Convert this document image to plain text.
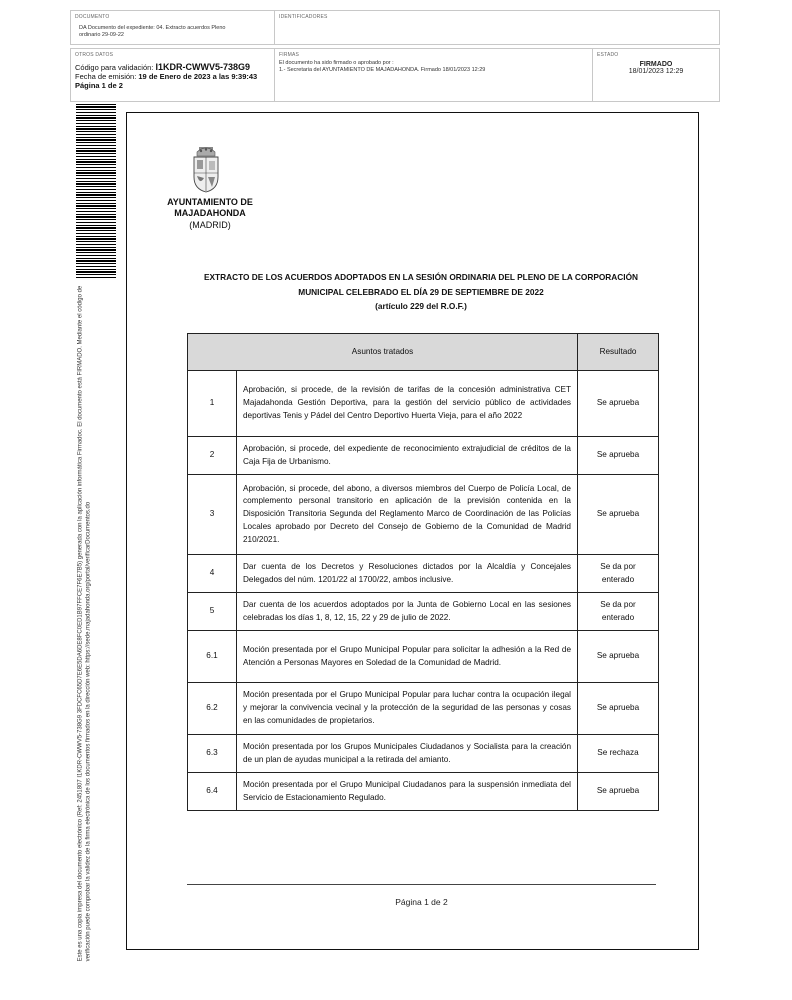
DOCUMENTO
DA Documento del expediente: 04. Extracto acuerdos Pleno ordinario 29-09-22
IDENTIFICADORES
OTROS DATOS
Código para validación: I1KDR-CWWV5-738G9
Fecha de emisión: 19 de Enero de 2023 a las 9:39:43
Página 1 de 2
FIRMAS
El documento ha sido firmado o aprobado por :
1.- Secretaria del AYUNTAMIENTO DE MAJADAHONDA. Firmado 18/01/2023 12:29
ESTADO
FIRMADO
18/01/2023 12:29
Este es una copia impresa del documento electrónico (Ref: 2451807 I1KDR-CWWV5-738G9 3FDCFC65D7E6E5DA6DE8FC0ED1B97FFCE7F6E7B5) generada con la aplicación informática Firmadoc. El documento está FIRMADO. Mediante el código de verificación puede comprobar la validez de la firma electrónica de los documentos firmados en la dirección web: https://sede.majadahonda.org/portal/verificarDocumentos.do
AYUNTAMIENTO DE
MAJADAHONDA
(MADRID)
EXTRACTO DE LOS ACUERDOS ADOPTADOS EN LA SESIÓN ORDINARIA DEL PLENO DE LA CORPORACIÓN
MUNICIPAL CELEBRADO EL DÍA 29 DE SEPTIEMBRE DE 2022
(artículo 229 del R.O.F.)
Asuntos tratados		Resultado
1	Aprobación, si procede, de la revisión de tarifas de la concesión administrativa CET Majadahonda Gestión Deportiva, para la gestión del servicio público de actividades deportivas Tenis y Pádel del Centro Deportivo Huerta Vieja, para el año 2022	Se aprueba
2	Aprobación, si procede, del expediente de reconocimiento extrajudicial de créditos de la Caja Fija de Urbanismo.	Se aprueba
3	Aprobación, si procede, del abono, a diversos miembros del Cuerpo de Policía Local, de complemento personal transitorio en aplicación de la previsión contenida en la Disposición Transitoria Segunda del Reglamento Marco de Coordinación de las Policías Locales aprobado por Decreto del Consejo de Gobierno de la Comunidad de Madrid 210/2021.	Se aprueba
4	Dar cuenta de los Decretos y Resoluciones dictados por la Alcaldía y Concejales Delegados del núm. 1201/22 al 1700/22, ambos inclusive.	Se da por enterado
5	Dar cuenta de los acuerdos adoptados por la Junta de Gobierno Local en las sesiones celebradas los días 1, 8, 12, 15, 22 y 29 de julio de 2022.	Se da por enterado
6.1	Moción presentada por el Grupo Municipal Popular para solicitar la adhesión a la Red de Atención a Personas Mayores en Soledad de la Comunidad de Madrid.	Se aprueba
6.2	Moción presentada por el Grupo Municipal Popular para luchar contra la ocupación ilegal y mejorar la convivencia vecinal y la protección de la seguridad de las personas y cosas en las comunidades de propietarios.	Se aprueba
6.3	Moción presentada por los Grupos Municipales Ciudadanos y Socialista para la creación de un plan de ayudas municipal a la retirada del amianto.	Se rechaza
6.4	Moción presentada por el Grupo Municipal Ciudadanos para la suspensión inmediata del Servicio de Estacionamiento Regulado.	Se aprueba
Página 1 de 2
